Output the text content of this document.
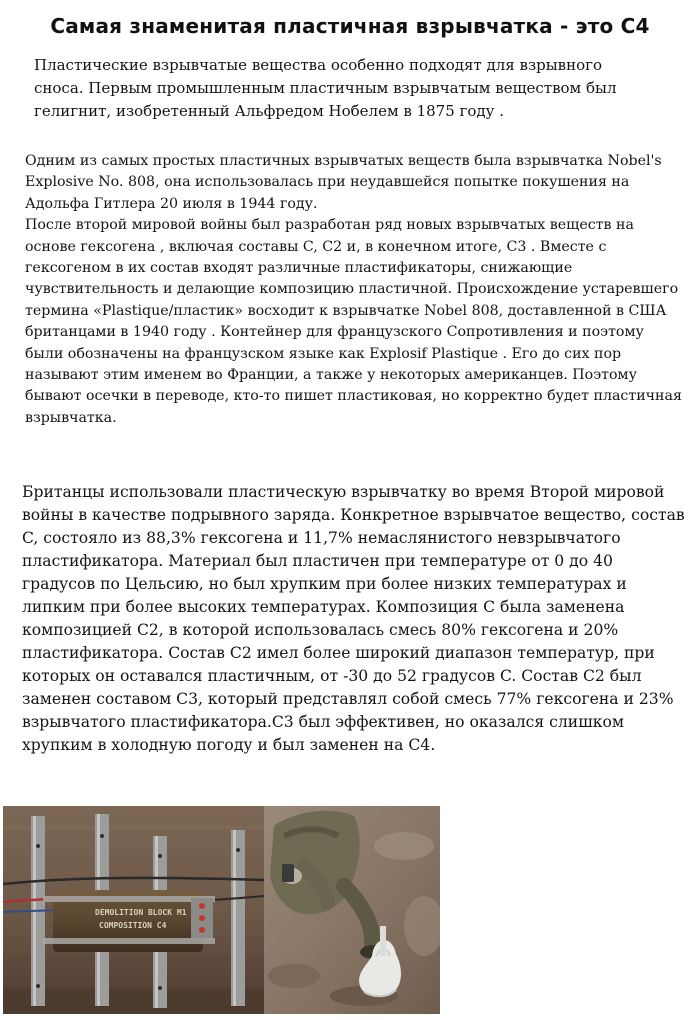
Самая знаменитая пластичная взрывчатка - это С4

Пластические взрывчатые вещества особенно подходят для взрывного сноса. Первым промышленным пластичным взрывчатым веществом был гелигнит, изобретенный Альфредом Нобелем в 1875 году .

Одним из самых простых пластичных взрывчатых веществ была взрывчатка Nobel's Explosive No. 808, она использовалась при неудавшейся попытке покушения на Адольфа Гитлера 20 июля в 1944 году.
После второй мировой войны был разработан ряд новых взрывчатых веществ на основе гексогена , включая составы C, C2 и, в конечном итоге, C3 . Вместе с гексогеном в их состав входят различные пластификаторы, снижающие чувствительность и делающие композицию пластичной. Происхождение устаревшего термина «Plastique/пластик» восходит к взрывчатке Nobel 808, доставленной в США британцами в 1940 году . Контейнер для французского Сопротивления и поэтому были обозначены на французском языке как Explosif Plastique . Его до сих пор называют этим именем во Франции, а также у некоторых американцев. Поэтому бывают осечки в переводе, кто-то пишет пластиковая, но корректно будет пластичная взрывчатка.

Британцы использовали пластическую взрывчатку во время Второй мировой войны в качестве подрывного заряда. Конкретное взрывчатое вещество, состав C, состояло из 88,3% гексогена и 11,7% немаслянистого невзрывчатого пластификатора. Материал был пластичен при температуре от 0 до 40 градусов по Цельсию, но был хрупким при более низких температурах и липким при более высоких температурах. Композиция C была заменена композицией C2, в которой использовалась смесь 80% гексогена и 20% пластификатора. Состав C2 имел более широкий диапазон температур, при которых он оставался пластичным, от -30 до 52 градусов C. Состав C2 был заменен составом C3, который представлял собой смесь 77% гексогена и 23% взрывчатого пластификатора.C3 был эффективен, но оказался слишком хрупким в холодную погоду и был заменен на C4.

DEMOLITION BLOCK M1
COMPOSITION C4
